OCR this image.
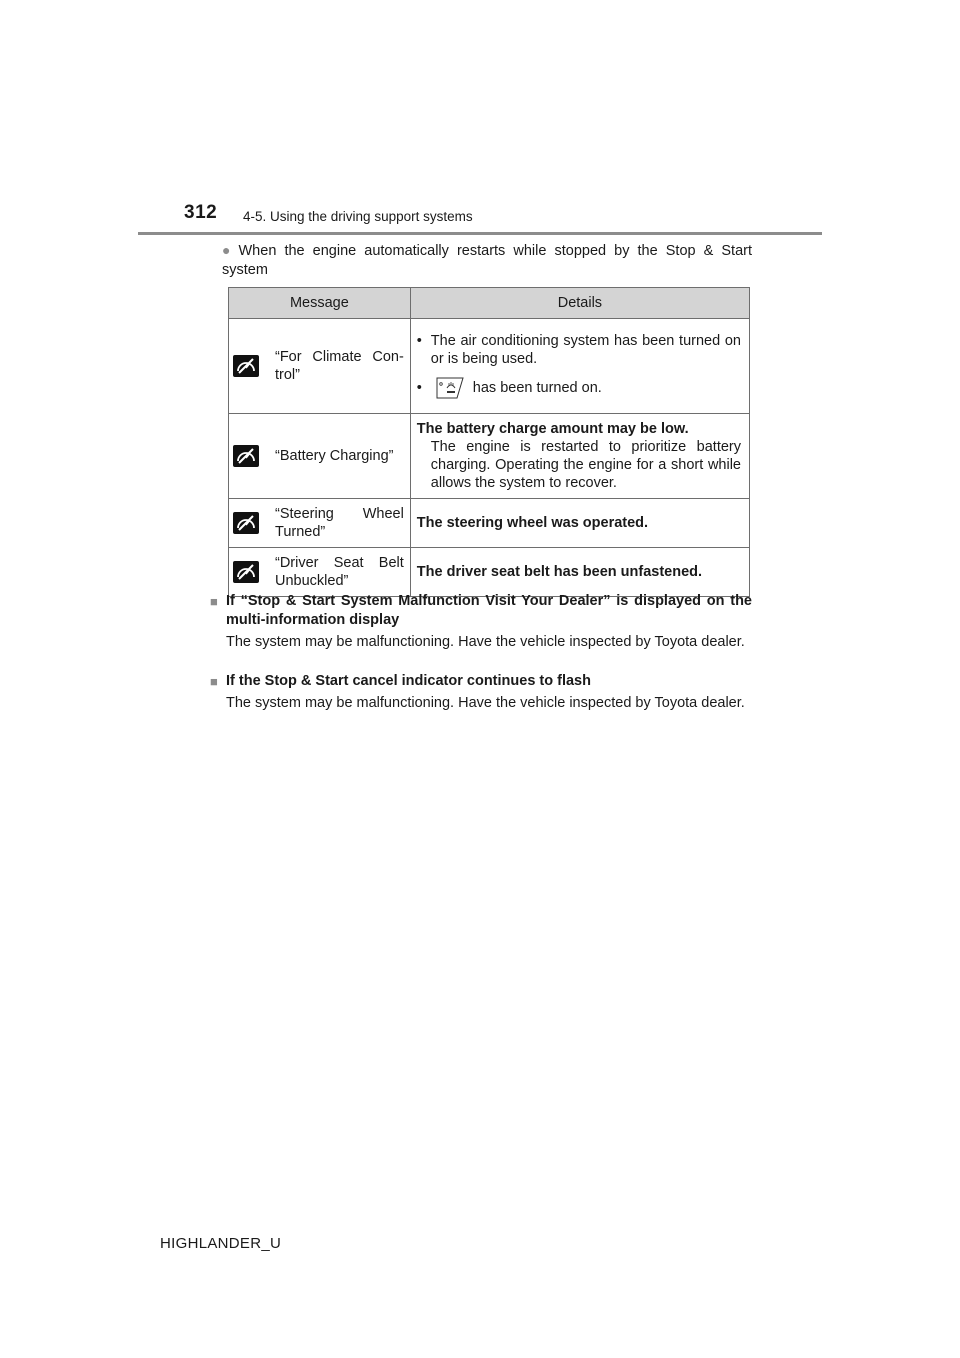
312 4-5. Using the driving support systems
● When the engine automatically restarts while stopped by the Stop & Start system
Message	Details

“For Climate Con-trol”	• The air conditioning system has been turned on or is being used.
• has been turned on.

“Battery Charging”	The battery charge amount may be low.
The engine is restarted to prioritize battery charging. Operating the engine for a short while allows the system to recover.

“Steering Wheel Turned”	The steering wheel was operated.

“Driver Seat Belt Unbuckled”	The driver seat belt has been unfastened.
■ If “Stop & Start System Malfunction Visit Your Dealer” is displayed on the multi-information display
The system may be malfunctioning. Have the vehicle inspected by Toyota dealer.
■ If the Stop & Start cancel indicator continues to flash
The system may be malfunctioning. Have the vehicle inspected by Toyota dealer.
HIGHLANDER_U
